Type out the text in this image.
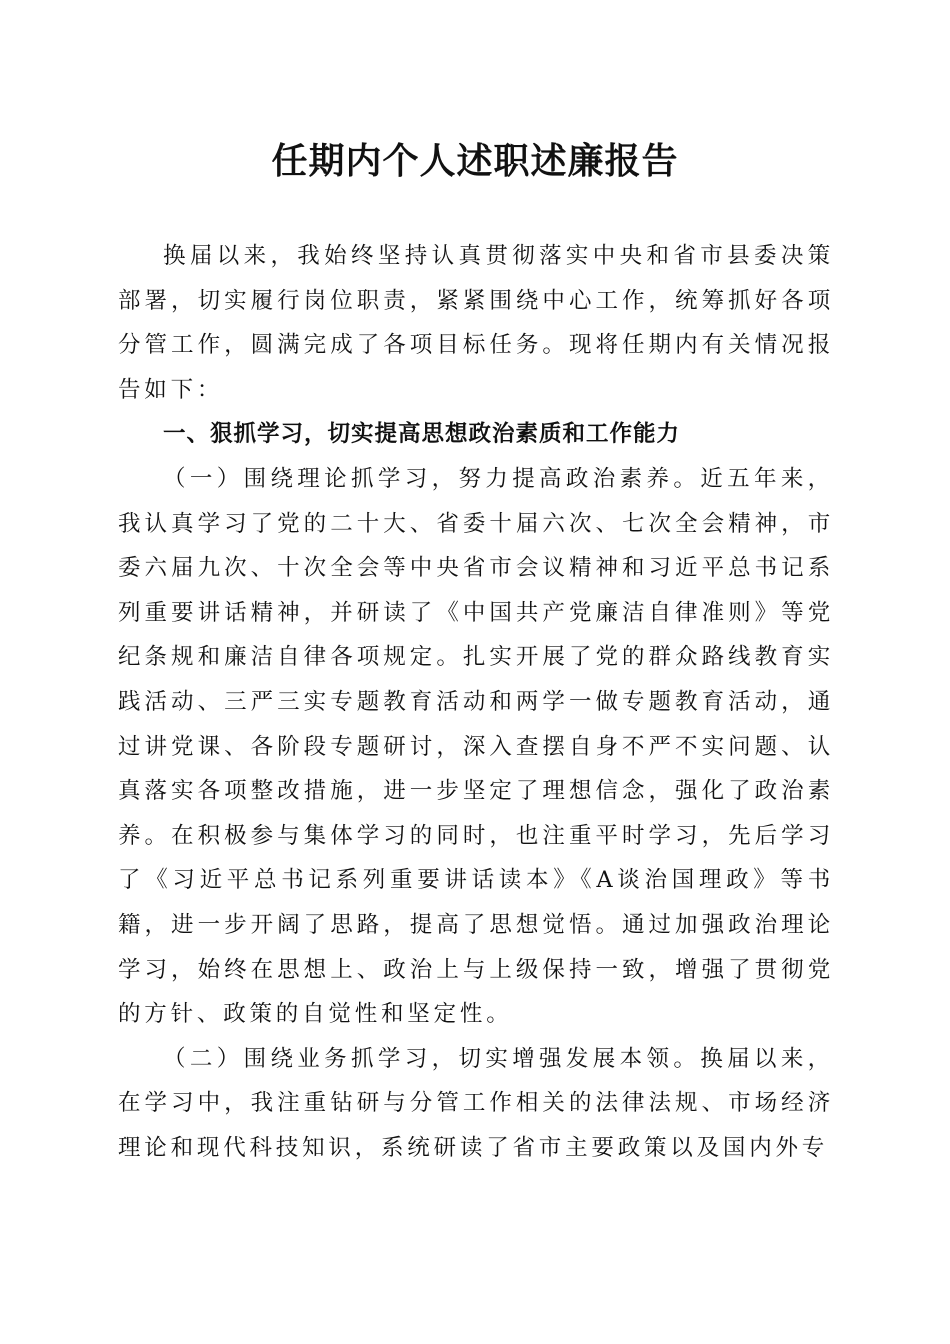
任期内个人述职述廉报告

换届以来，我始终坚持认真贯彻落实中央和省市县委决策部署，切实履行岗位职责，紧紧围绕中心工作，统筹抓好各项分管工作，圆满完成了各项目标任务。现将任期内有关情况报告如下：

一、狠抓学习，切实提高思想政治素质和工作能力

（一）围绕理论抓学习，努力提高政治素养。近五年来，我认真学习了党的二十大、省委十届六次、七次全会精神，市委六届九次、十次全会等中央省市会议精神和习近平总书记系列重要讲话精神，并研读了《中国共产党廉洁自律准则》等党纪条规和廉洁自律各项规定。扎实开展了党的群众路线教育实践活动、三严三实专题教育活动和两学一做专题教育活动，通过讲党课、各阶段专题研讨，深入查摆自身不严不实问题、认真落实各项整改措施，进一步坚定了理想信念，强化了政治素养。在积极参与集体学习的同时，也注重平时学习，先后学习了《习近平总书记系列重要讲话读本》《A谈治国理政》等书籍，进一步开阔了思路，提高了思想觉悟。通过加强政治理论学习，始终在思想上、政治上与上级保持一致，增强了贯彻党的方针、政策的自觉性和坚定性。

（二）围绕业务抓学习，切实增强发展本领。换届以来，在学习中，我注重钻研与分管工作相关的法律法规、市场经济理论和现代科技知识，系统研读了省市主要政策以及国内外专
